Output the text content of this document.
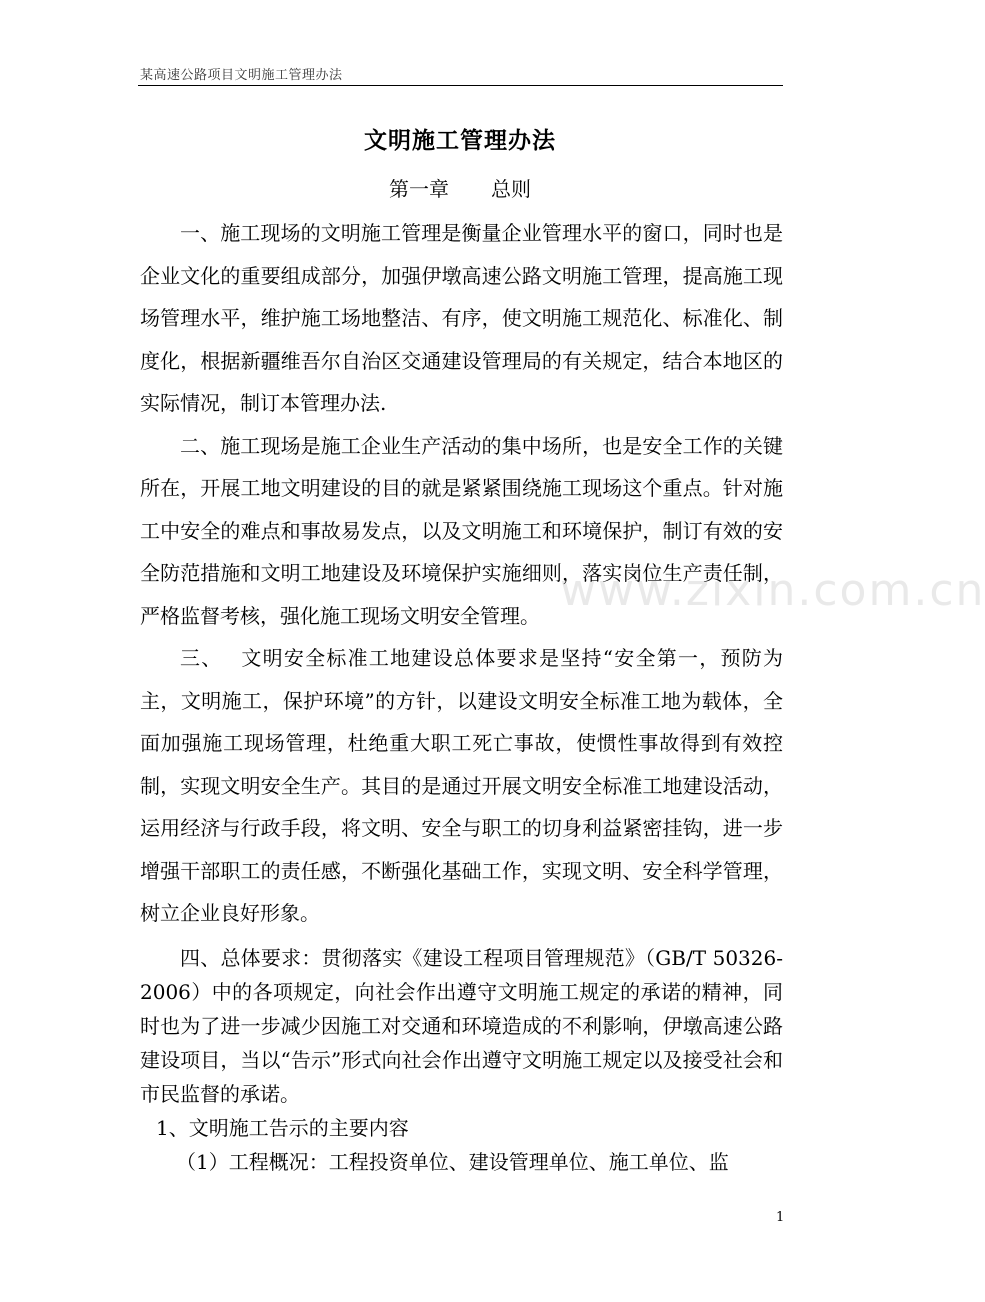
某高速公路项目文明施工管理办法
www.zixin.com.cn
文明施工管理办法
第一章 总则

一、施工现场的文明施工管理是衡量企业管理水平的窗口，同时也是企业文化的重要组成部分，加强伊墩高速公路文明施工管理，提高施工现场管理水平，维护施工场地整洁、有序，使文明施工规范化、标准化、制度化，根据新疆维吾尔自治区交通建设管理局的有关规定，结合本地区的实际情况，制订本管理办法.

二、施工现场是施工企业生产活动的集中场所，也是安全工作的关键所在，开展工地文明建设的目的就是紧紧围绕施工现场这个重点。针对施工中安全的难点和事故易发点，以及文明施工和环境保护，制订有效的安全防范措施和文明工地建设及环境保护实施细则，落实岗位生产责任制，严格监督考核，强化施工现场文明安全管理。

三、　 文明安全标准工地建设总体要求是坚持“安全第一，预防为主，文明施工，保护环境”的方针，以建设文明安全标准工地为载体，全面加强施工现场管理，杜绝重大职工死亡事故，使惯性事故得到有效控制，实现文明安全生产。其目的是通过开展文明安全标准工地建设活动，运用经济与行政手段，将文明、安全与职工的切身利益紧密挂钩，进一步增强干部职工的责任感，不断强化基础工作，实现文明、安全科学管理，树立企业良好形象。

四、总体要求：贯彻落实《建设工程项目管理规范》（GB/T 50326-2006）中的各项规定，向社会作出遵守文明施工规定的承诺的精神，同时也为了进一步减少因施工对交通和环境造成的不利影响，伊墩高速公路建设项目，当以“告示”形式向社会作出遵守文明施工规定以及接受社会和市民监督的承诺。

1、文明施工告示的主要内容

（1）工程概况：工程投资单位、建设管理单位、施工单位、监

1
